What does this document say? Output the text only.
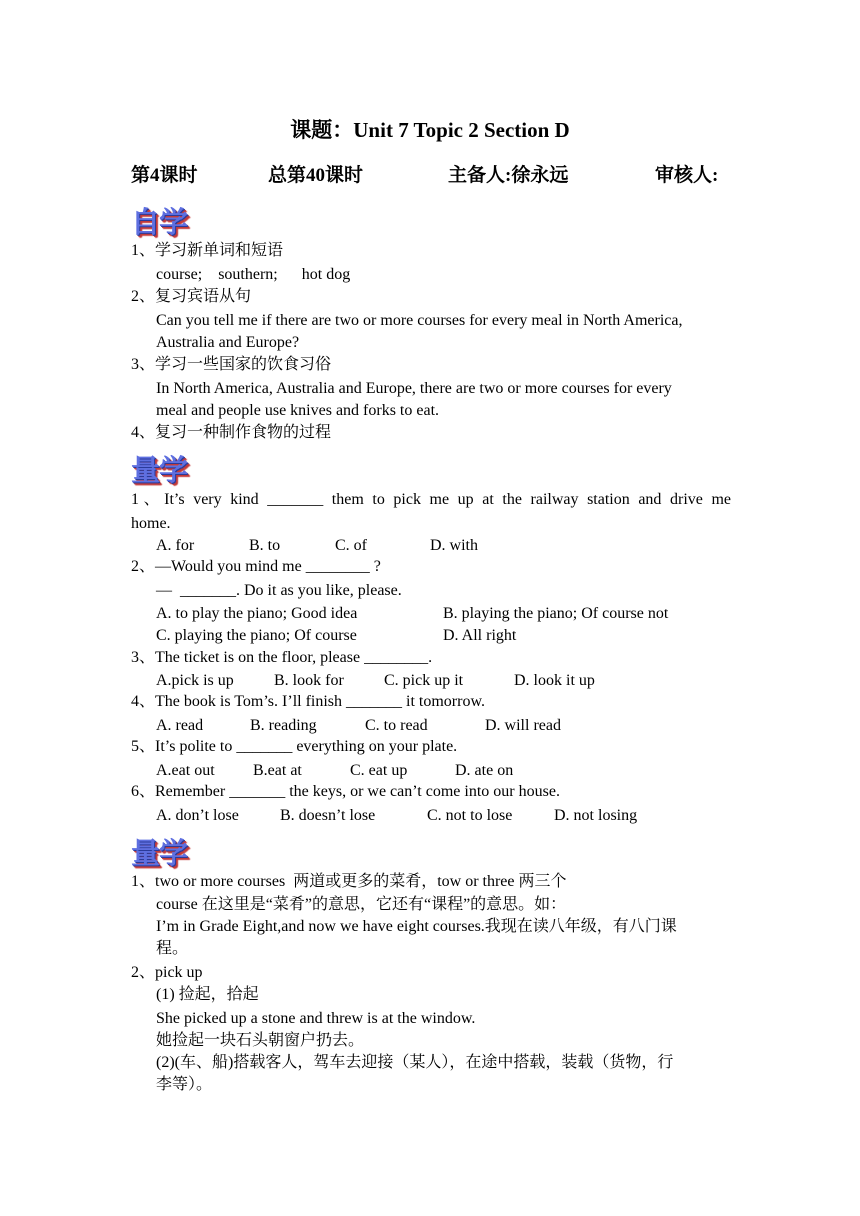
课题：Unit 7 Topic 2 Section D
第4课时	总第40课时	主备人:徐永远	审核人:
自学
1、学习新单词和短语
course;    southern;      hot dog
2、复习宾语从句
Can you tell me if there are two or more courses for every meal in North America,
Australia and Europe?
3、学习一些国家的饮食习俗
In North America, Australia and Europe, there are two or more courses for every
meal and people use knives and forks to eat.
4、复习一种制作食物的过程
量学
1、It’s very kind _______ them to pick me up at the railway station and drive me
home.
A. for	B. to	C. of	D. with
2、—Would you mind me ________ ?
—  _______. Do it as you like, please.
A. to play the piano; Good idea	B. playing the piano; Of course not
C. playing the piano; Of course	D. All right
3、The ticket is on the floor, please ________.
A.pick is up	B. look for	C. pick up it	D. look it up
4、The book is Tom’s. I’ll finish _______ it tomorrow.
A. read	B. reading	C. to read	D. will read
5、It’s polite to _______ everything on your plate.
A.eat out B.eat at	C. eat up	D. ate on
6、Remember _______ the keys, or we can’t come into our house.
A. don’t lose	B. doesn’t lose	C. not to lose	D. not losing
量学
1、two or more courses  两道或更多的菜肴，tow or three 两三个
course 在这里是“菜肴”的意思，它还有“课程”的意思。如：
I’m in Grade Eight,and now we have eight courses.我现在读八年级，有八门课
程。
2、pick up
(1) 捡起，拾起
She picked up a stone and threw is at the window.
她捡起一块石头朝窗户扔去。
(2)(车、船)搭载客人，驾车去迎接（某人），在途中搭载，装载（货物，行
李等）。
